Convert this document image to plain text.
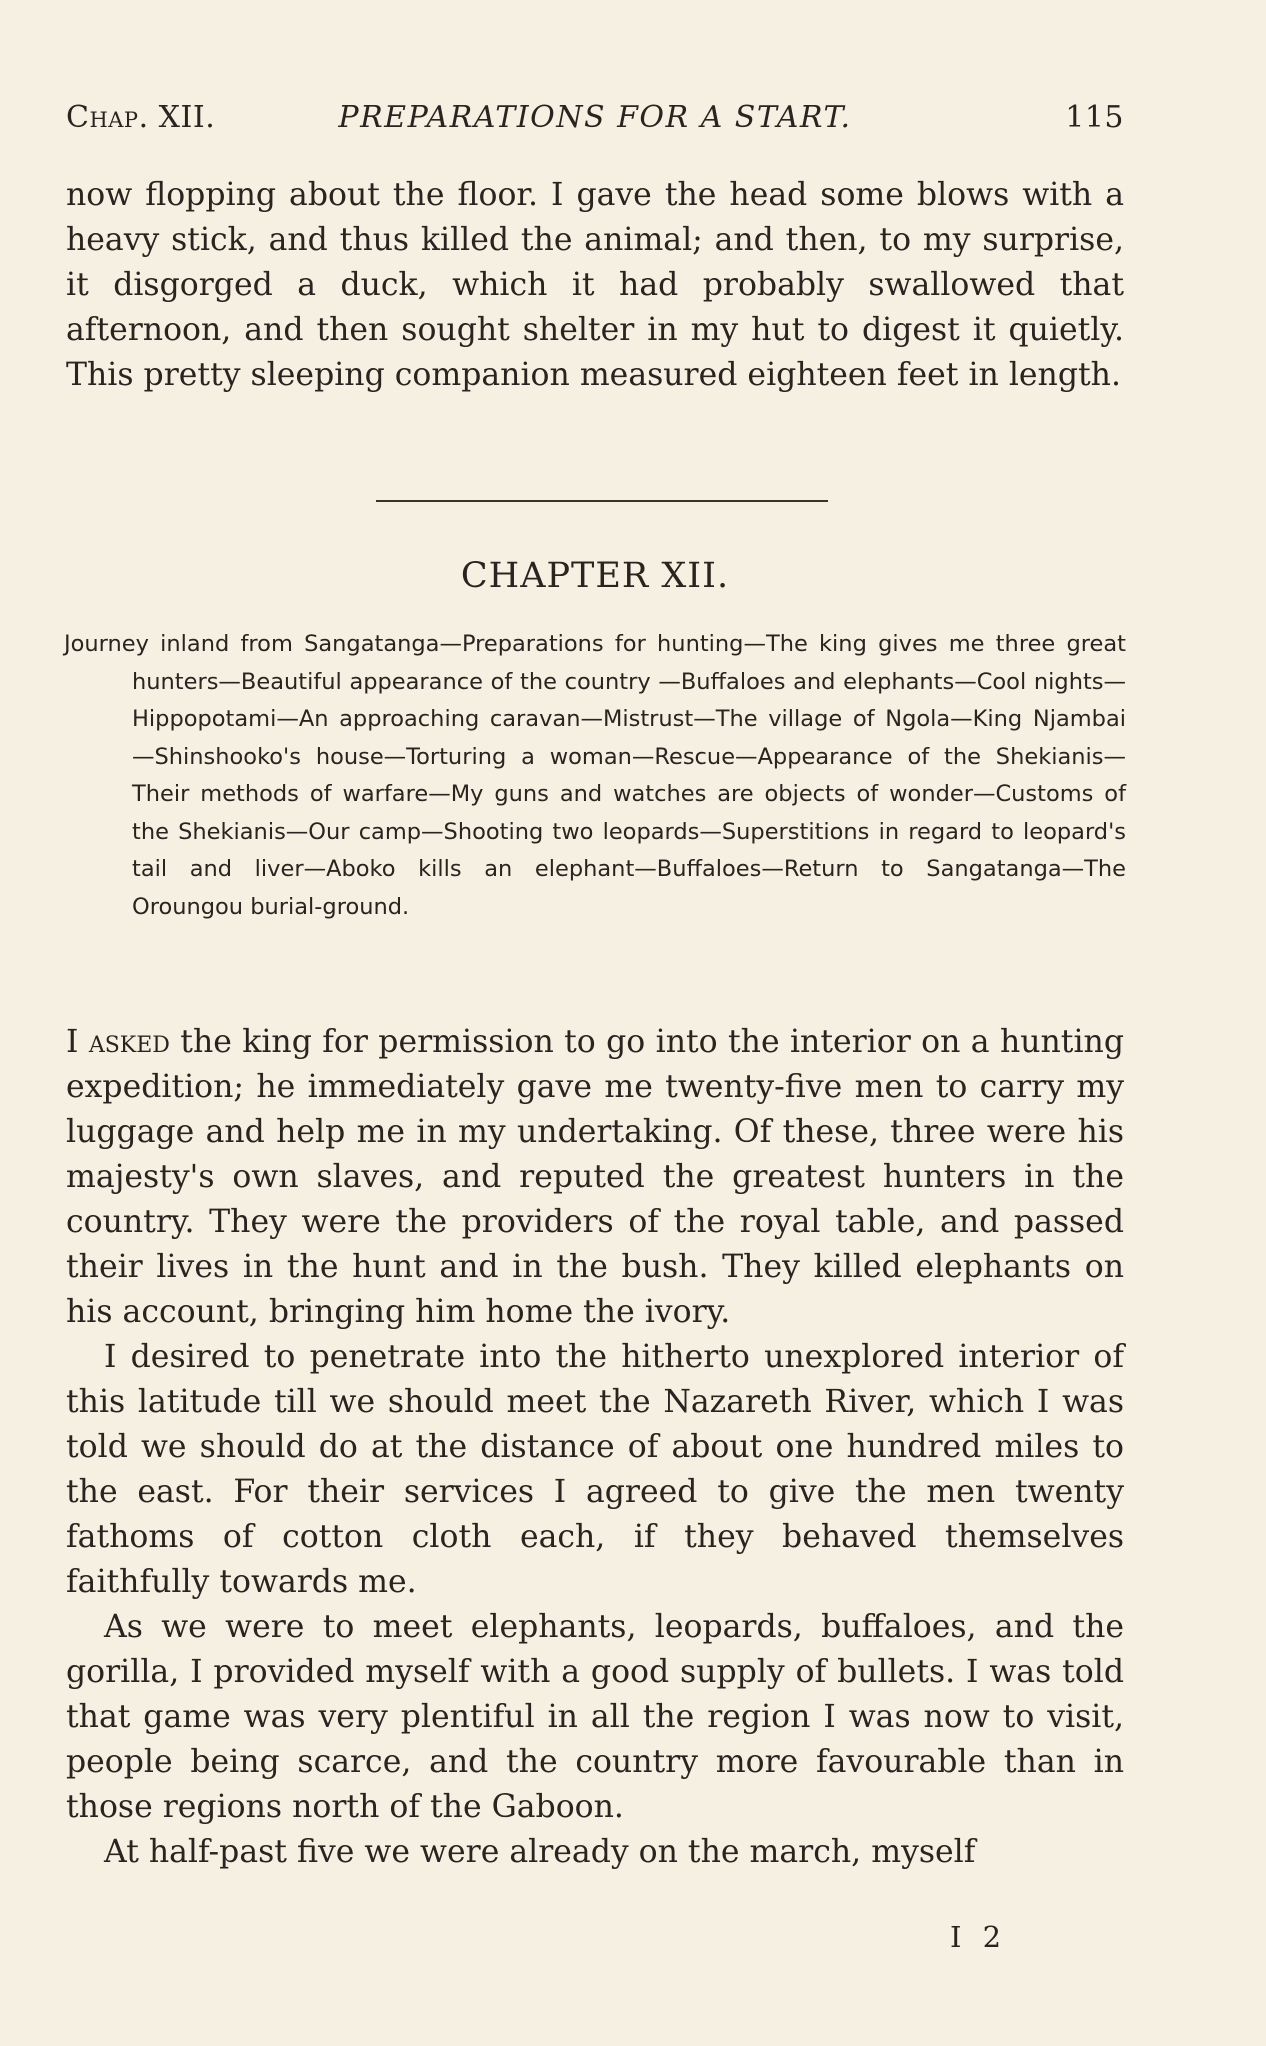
Chap. XII.	PREPARATIONS FOR A START.	115

now flopping about the floor. I gave the head some blows with a heavy stick, and thus killed the animal; and then, to my surprise, it disgorged a duck, which it had probably swallowed that afternoon, and then sought shelter in my hut to digest it quietly. This pretty sleeping companion measured eighteen feet in length.

CHAPTER XII.
Journey inland from Sangatanga—Preparations for hunting—The king gives me three great hunters—Beautiful appearance of the country —Buffaloes and elephants—Cool nights—Hippopotami—An approaching caravan—Mistrust—The village of Ngola—King Njambai —Shinshooko's house—Torturing a woman—Rescue—Appearance of the Shekianis—Their methods of warfare—My guns and watches are objects of wonder—Customs of the Shekianis—Our camp—Shooting two leopards—Superstitions in regard to leopard's tail and liver—Aboko kills an elephant—Buffaloes—Return to Sangatanga—The Oroungou burial-ground.

I asked the king for permission to go into the interior on a hunting expedition; he immediately gave me twenty-five men to carry my luggage and help me in my undertaking. Of these, three were his majesty's own slaves, and reputed the greatest hunters in the country. They were the providers of the royal table, and passed their lives in the hunt and in the bush. They killed elephants on his account, bringing him home the ivory.

I desired to penetrate into the hitherto unexplored interior of this latitude till we should meet the Nazareth River, which I was told we should do at the distance of about one hundred miles to the east. For their services I agreed to give the men twenty fathoms of cotton cloth each, if they behaved themselves faithfully towards me.

As we were to meet elephants, leopards, buffaloes, and the gorilla, I provided myself with a good supply of bullets. I was told that game was very plentiful in all the region I was now to visit, people being scarce, and the country more favourable than in those regions north of the Gaboon.

At half-past five we were already on the march, myself

I 2
